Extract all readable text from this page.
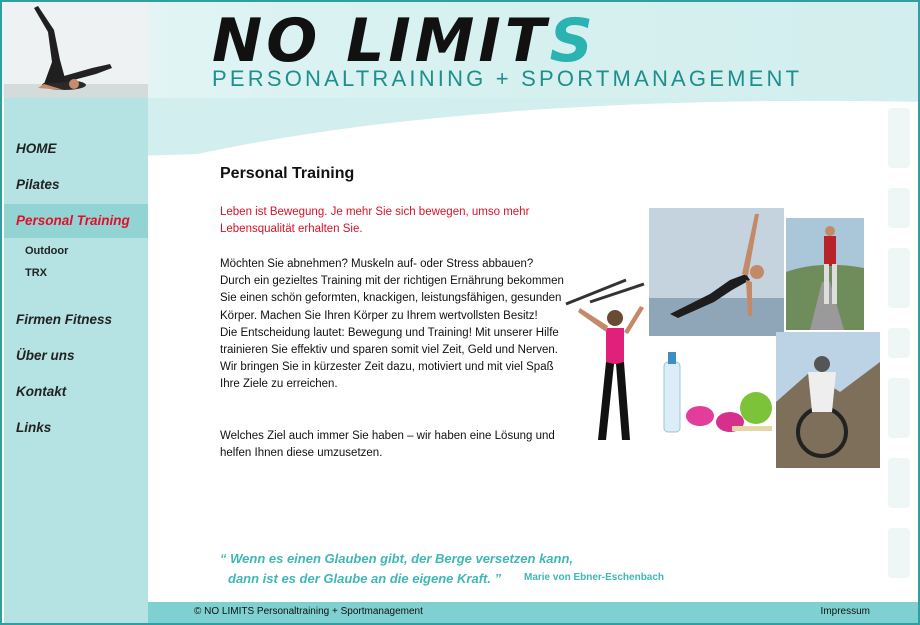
NO LIMITS
PERSONALTRAINING + SPORTMANAGEMENT
HOME
Pilates
Personal Training
Outdoor
TRX
Firmen Fitness
Über uns
Kontakt
Links
Personal Training
Leben ist Bewegung. Je mehr Sie sich bewegen, umso mehr Lebensqualität erhalten Sie.

Möchten Sie abnehmen? Muskeln auf- oder Stress abbauen? Durch ein gezieltes Training mit der richtigen Ernährung bekommen Sie einen schön geformten, knackigen, leistungsfähigen, gesunden Körper. Machen Sie Ihren Körper zu Ihrem wertvollsten Besitz!

Die Entscheidung lautet: Bewegung und Training! Mit unserer Hilfe trainieren Sie effektiv und sparen somit viel Zeit, Geld und Nerven. Wir bringen Sie in kürzester Zeit dazu, motiviert und mit viel Spaß Ihre Ziele zu erreichen.

Welches Ziel auch immer Sie haben – wir haben eine Lösung und helfen Ihnen diese umzusetzen.
“ Wenn es einen Glauben gibt, der Berge versetzen kann,
dann ist es der Glaube an die eigene Kraft. ”	Marie von Ebner-Eschenbach
© NO LIMITS Personaltraining + Sportmanagement	Impressum
